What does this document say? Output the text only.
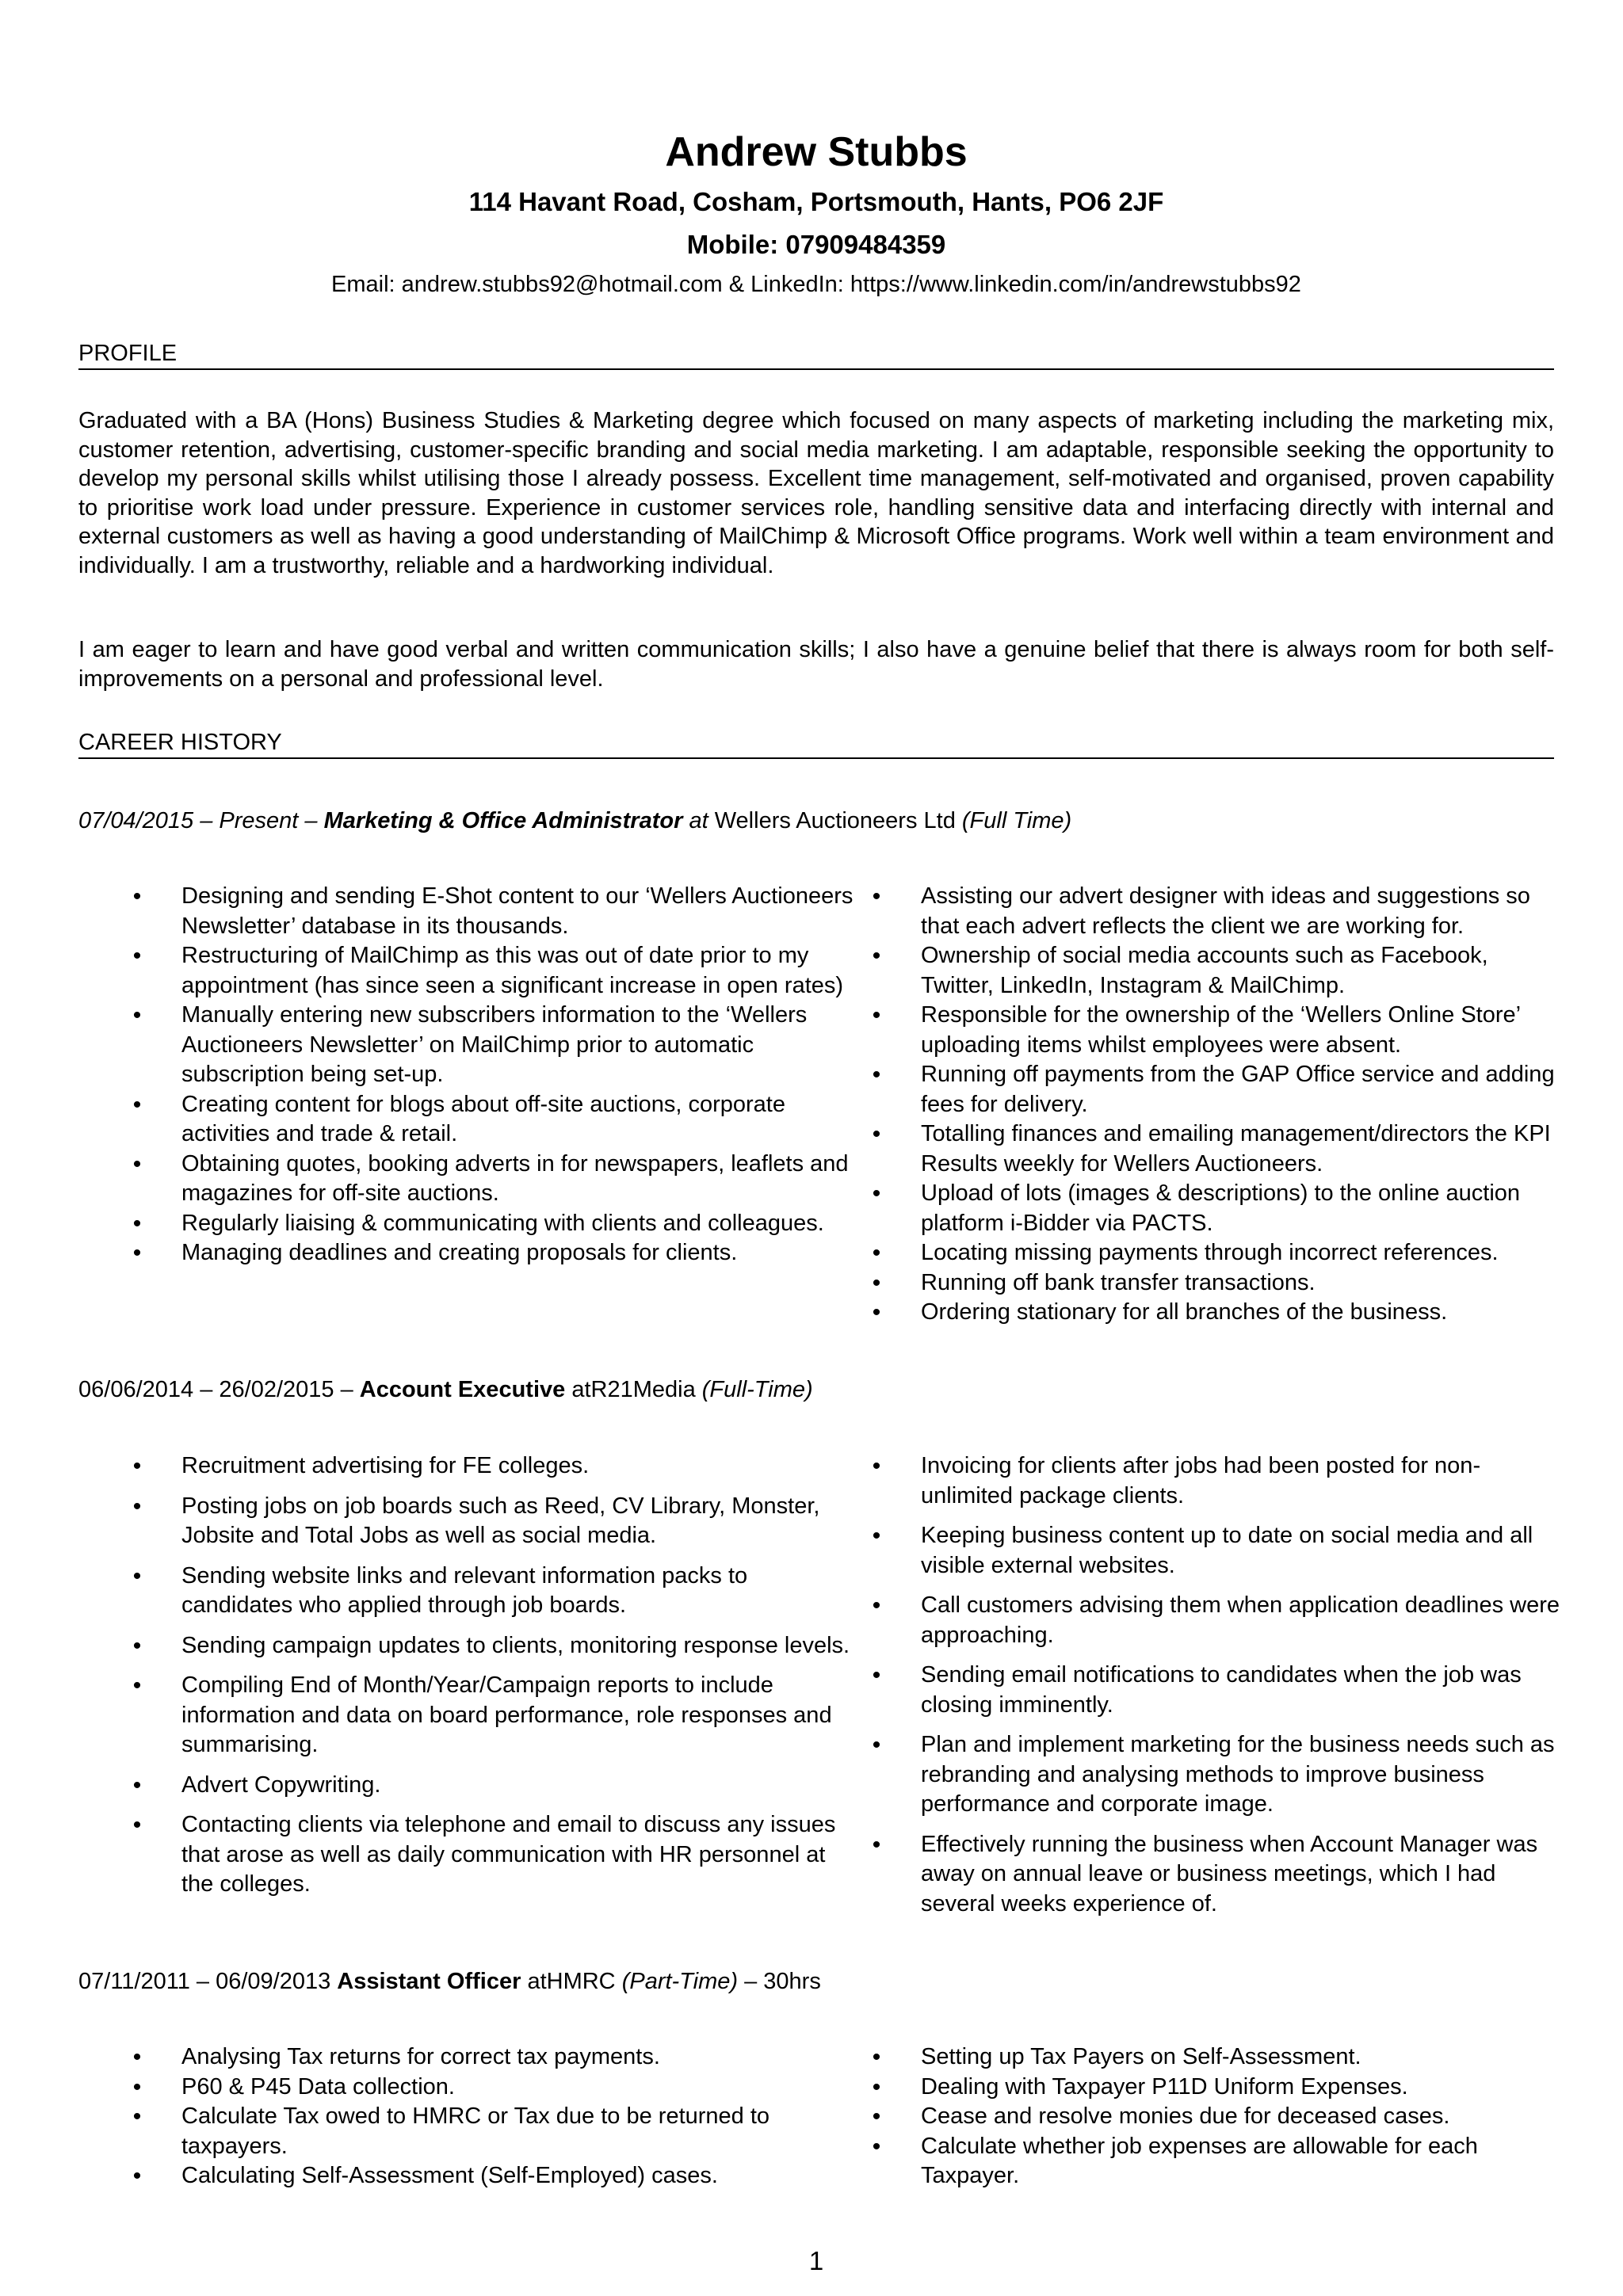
Andrew Stubbs
114 Havant Road, Cosham, Portsmouth, Hants, PO6 2JF
Mobile: 07909484359
Email: andrew.stubbs92@hotmail.com & LinkedIn: https://www.linkedin.com/in/andrewstubbs92
PROFILE
Graduated with a BA (Hons) Business Studies & Marketing degree which focused on many aspects of marketing including the marketing mix, customer retention, advertising, customer-specific branding and social media marketing. I am adaptable, responsible seeking the opportunity to develop my personal skills whilst utilising those I already possess. Excellent time management, self-motivated and organised, proven capability to prioritise work load under pressure. Experience in customer services role, handling sensitive data and interfacing directly with internal and external customers as well as having a good understanding of MailChimp & Microsoft Office programs. Work well within a team environment and individually. I am a trustworthy, reliable and a hardworking individual.
I am eager to learn and have good verbal and written communication skills; I also have a genuine belief that there is always room for both self-improvements on a personal and professional level.
CAREER HISTORY
07/04/2015 – Present – Marketing & Office Administrator at Wellers Auctioneers Ltd (Full Time)
•
Designing and sending E-Shot content to our ‘Wellers Auctioneers Newsletter’ database in its thousands.
•
Restructuring of MailChimp as this was out of date prior to my appointment (has since seen a significant increase in open rates)
•
Manually entering new subscribers information to the ‘Wellers Auctioneers Newsletter’ on MailChimp prior to automatic subscription being set-up.
•
Creating content for blogs about off-site auctions, corporate activities and trade & retail.
•
Obtaining quotes, booking adverts in for newspapers, leaflets and magazines for off-site auctions.
•
Regularly liaising & communicating with clients and colleagues.
•
Managing deadlines and creating proposals for clients.
•
Assisting our advert designer with ideas and suggestions so that each advert reflects the client we are working for.
•
Ownership of social media accounts such as Facebook, Twitter, LinkedIn, Instagram & MailChimp.
•
Responsible for the ownership of the ‘Wellers Online Store’ uploading items whilst employees were absent.
•
Running off payments from the GAP Office service and adding fees for delivery.
•
Totalling finances and emailing management/directors the KPI Results weekly for Wellers Auctioneers.
•
Upload of lots (images & descriptions) to the online auction platform i-Bidder via PACTS.
•
Locating missing payments through incorrect references.
•
Running off bank transfer transactions.
•
Ordering stationary for all branches of the business.
06/06/2014 – 26/02/2015 – Account Executive atR21Media (Full-Time)
•
Recruitment advertising for FE colleges.
•
Posting jobs on job boards such as Reed, CV Library, Monster, Jobsite and Total Jobs as well as social media.
•
Sending website links and relevant information packs to candidates who applied through job boards.
•
Sending campaign updates to clients, monitoring response levels.
•
Compiling End of Month/Year/Campaign reports to include information and data on board performance, role responses and summarising.
•
Advert Copywriting.
•
Contacting clients via telephone and email to discuss any issues that arose as well as daily communication with HR personnel at the colleges.
•
Invoicing for clients after jobs had been posted for non-unlimited package clients.
•
Keeping business content up to date on social media and all visible external websites.
•
Call customers advising them when application deadlines were approaching.
•
Sending email notifications to candidates when the job was closing imminently.
•
Plan and implement marketing for the business needs such as rebranding and analysing methods to improve business performance and corporate image.
•
Effectively running the business when Account Manager was away on annual leave or business meetings, which I had several weeks experience of.
07/11/2011 – 06/09/2013 Assistant Officer atHMRC (Part-Time) – 30hrs
•
Analysing Tax returns for correct tax payments.
•
P60 & P45 Data collection.
•
Calculate Tax owed to HMRC or Tax due to be returned to taxpayers.
•
Calculating Self-Assessment (Self-Employed) cases.
•
Setting up Tax Payers on Self-Assessment.
•
Dealing with Taxpayer P11D Uniform Expenses.
•
Cease and resolve monies due for deceased cases.
•
Calculate whether job expenses are allowable for each Taxpayer.
1
